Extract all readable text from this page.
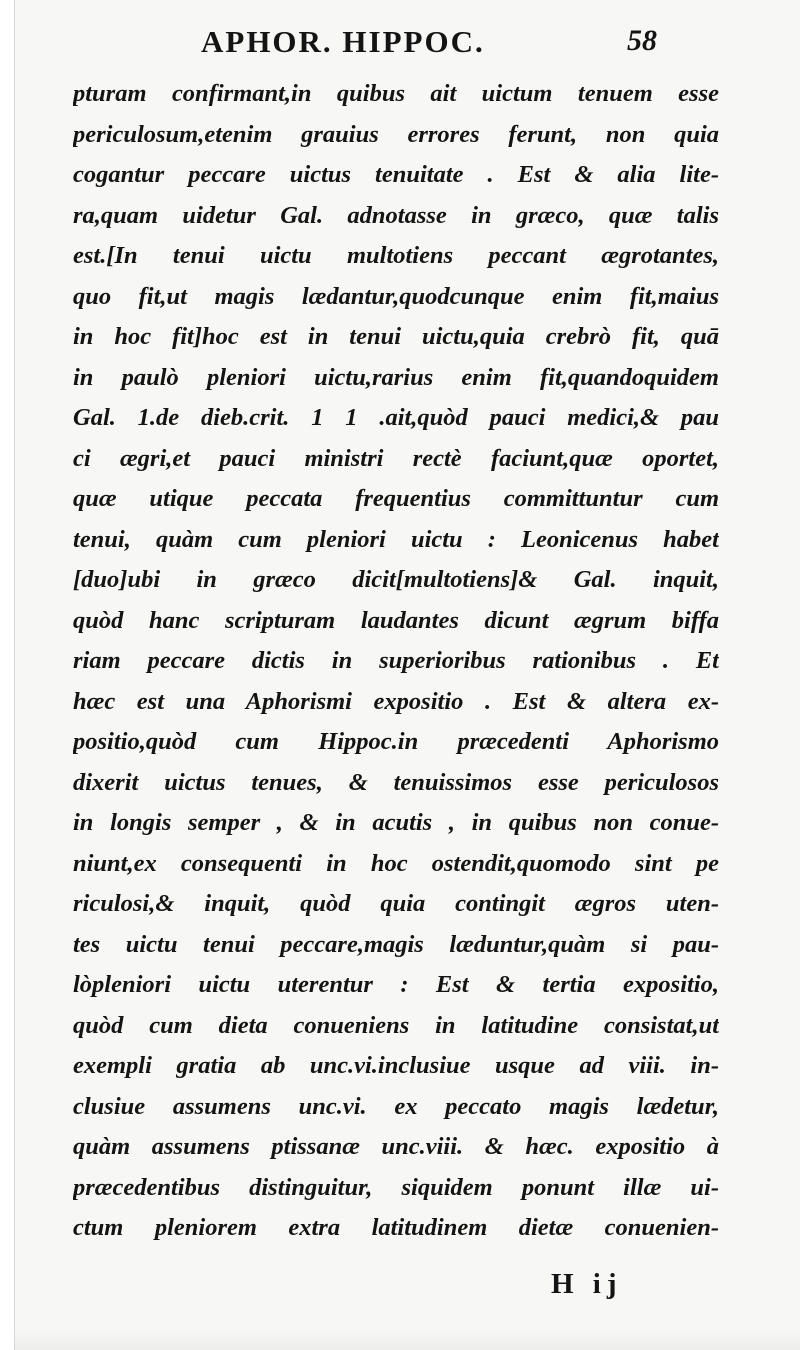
APHOR. HIPPOC.	58
pturam confirmant,in quibus ait uictum tenuem esse
periculosum,etenim grauius errores ferunt, non quia
cogantur peccare uictus tenuitate . Est & alia lite-
ra,quam uidetur Gal. adnotasse in græco, quæ talis
est.[In tenui uictu multotiens peccant ægrotantes,
quo fit,ut magis lædantur,quodcunque enim fit,maius
in hoc fit]hoc est in tenui uictu,quia crebrò fit, quā
in paulò pleniori uictu,rarius enim fit,quandoquidem
Gal. 1.de dieb.crit. 1 1 .ait,quòd pauci medici,& pau
ci ægri,et pauci ministri rectè faciunt,quæ oportet,
quæ utique peccata frequentius committuntur cum
tenui, quàm cum pleniori uictu : Leonicenus habet
[duo]ubi in græco dicit[multotiens]& Gal. inquit,
quòd hanc scripturam laudantes dicunt ægrum biffa
riam peccare dictis in superioribus rationibus . Et
hæc est una Aphorismi expositio . Est & altera ex-
positio,quòd cum Hippoc.in præcedenti Aphorismo
dixerit uictus tenues, & tenuissimos esse periculosos
in longis semper , & in acutis , in quibus non conue-
niunt,ex consequenti in hoc ostendit,quomodo sint pe
riculosi,& inquit, quòd quia contingit ægros uten-
tes uictu tenui peccare,magis læduntur,quàm si pau-
lòpleniori uictu uterentur : Est & tertia expositio,
quòd cum dieta conueniens in latitudine consistat,ut
exempli gratia ab unc.vi.inclusiue usque ad viii. in-
clusiue assumens unc.vi. ex peccato magis lædetur,
quàm assumens ptissanæ unc.viii. & hæc. expositio à
præcedentibus distinguitur, siquidem ponunt illæ ui-
ctum pleniorem extra latitudinem dietæ conuenien-
H ij
